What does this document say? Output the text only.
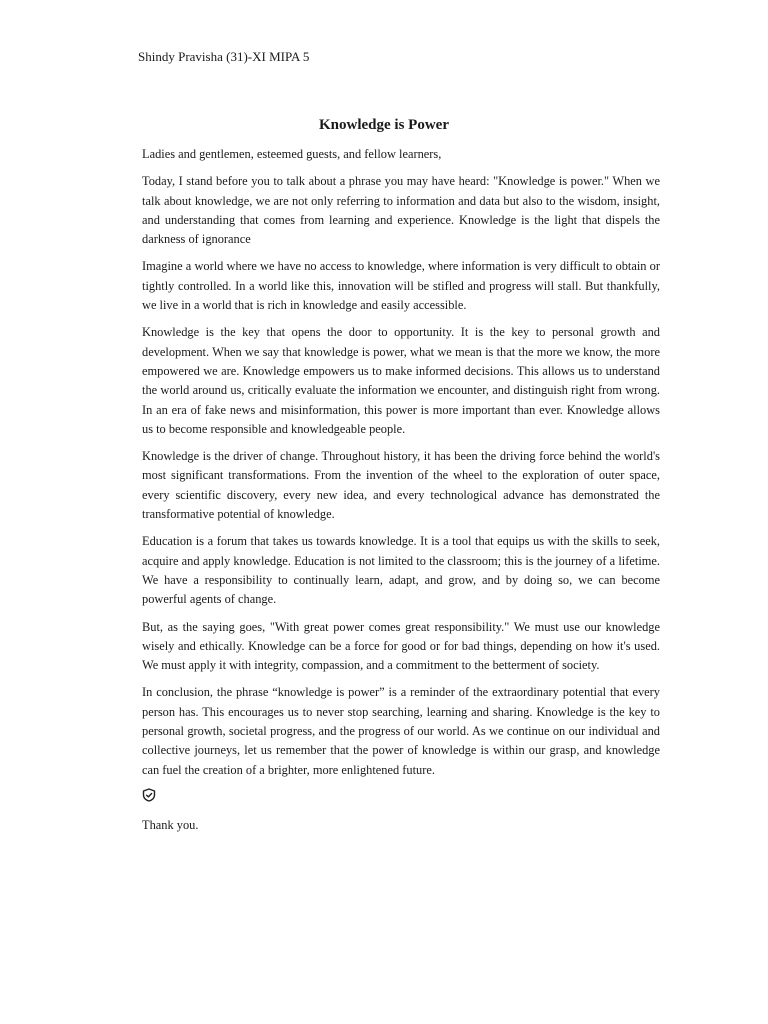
Shindy Pravisha (31)-XI MIPA 5
Knowledge is Power

Ladies and gentlemen, esteemed guests, and fellow learners,

Today, I stand before you to talk about a phrase you may have heard: "Knowledge is power." When we talk about knowledge, we are not only referring to information and data but also to the wisdom, insight, and understanding that comes from learning and experience. Knowledge is the light that dispels the darkness of ignorance

Imagine a world where we have no access to knowledge, where information is very difficult to obtain or tightly controlled. In a world like this, innovation will be stifled and progress will stall. But thankfully, we live in a world that is rich in knowledge and easily accessible.

Knowledge is the key that opens the door to opportunity. It is the key to personal growth and development. When we say that knowledge is power, what we mean is that the more we know, the more empowered we are. Knowledge empowers us to make informed decisions. This allows us to understand the world around us, critically evaluate the information we encounter, and distinguish right from wrong. In an era of fake news and misinformation, this power is more important than ever. Knowledge allows us to become responsible and knowledgeable people.

Knowledge is the driver of change. Throughout history, it has been the driving force behind the world's most significant transformations. From the invention of the wheel to the exploration of outer space, every scientific discovery, every new idea, and every technological advance has demonstrated the transformative potential of knowledge.

Education is a forum that takes us towards knowledge. It is a tool that equips us with the skills to seek, acquire and apply knowledge. Education is not limited to the classroom; this is the journey of a lifetime. We have a responsibility to continually learn, adapt, and grow, and by doing so, we can become powerful agents of change.

But, as the saying goes, "With great power comes great responsibility." We must use our knowledge wisely and ethically. Knowledge can be a force for good or for bad things, depending on how it's used. We must apply it with integrity, compassion, and a commitment to the betterment of society.

In conclusion, the phrase “knowledge is power” is a reminder of the extraordinary potential that every person has. This encourages us to never stop searching, learning and sharing. Knowledge is the key to personal growth, societal progress, and the progress of our world. As we continue on our individual and collective journeys, let us remember that the power of knowledge is within our grasp, and knowledge can fuel the creation of a brighter, more enlightened future.

Thank you.
